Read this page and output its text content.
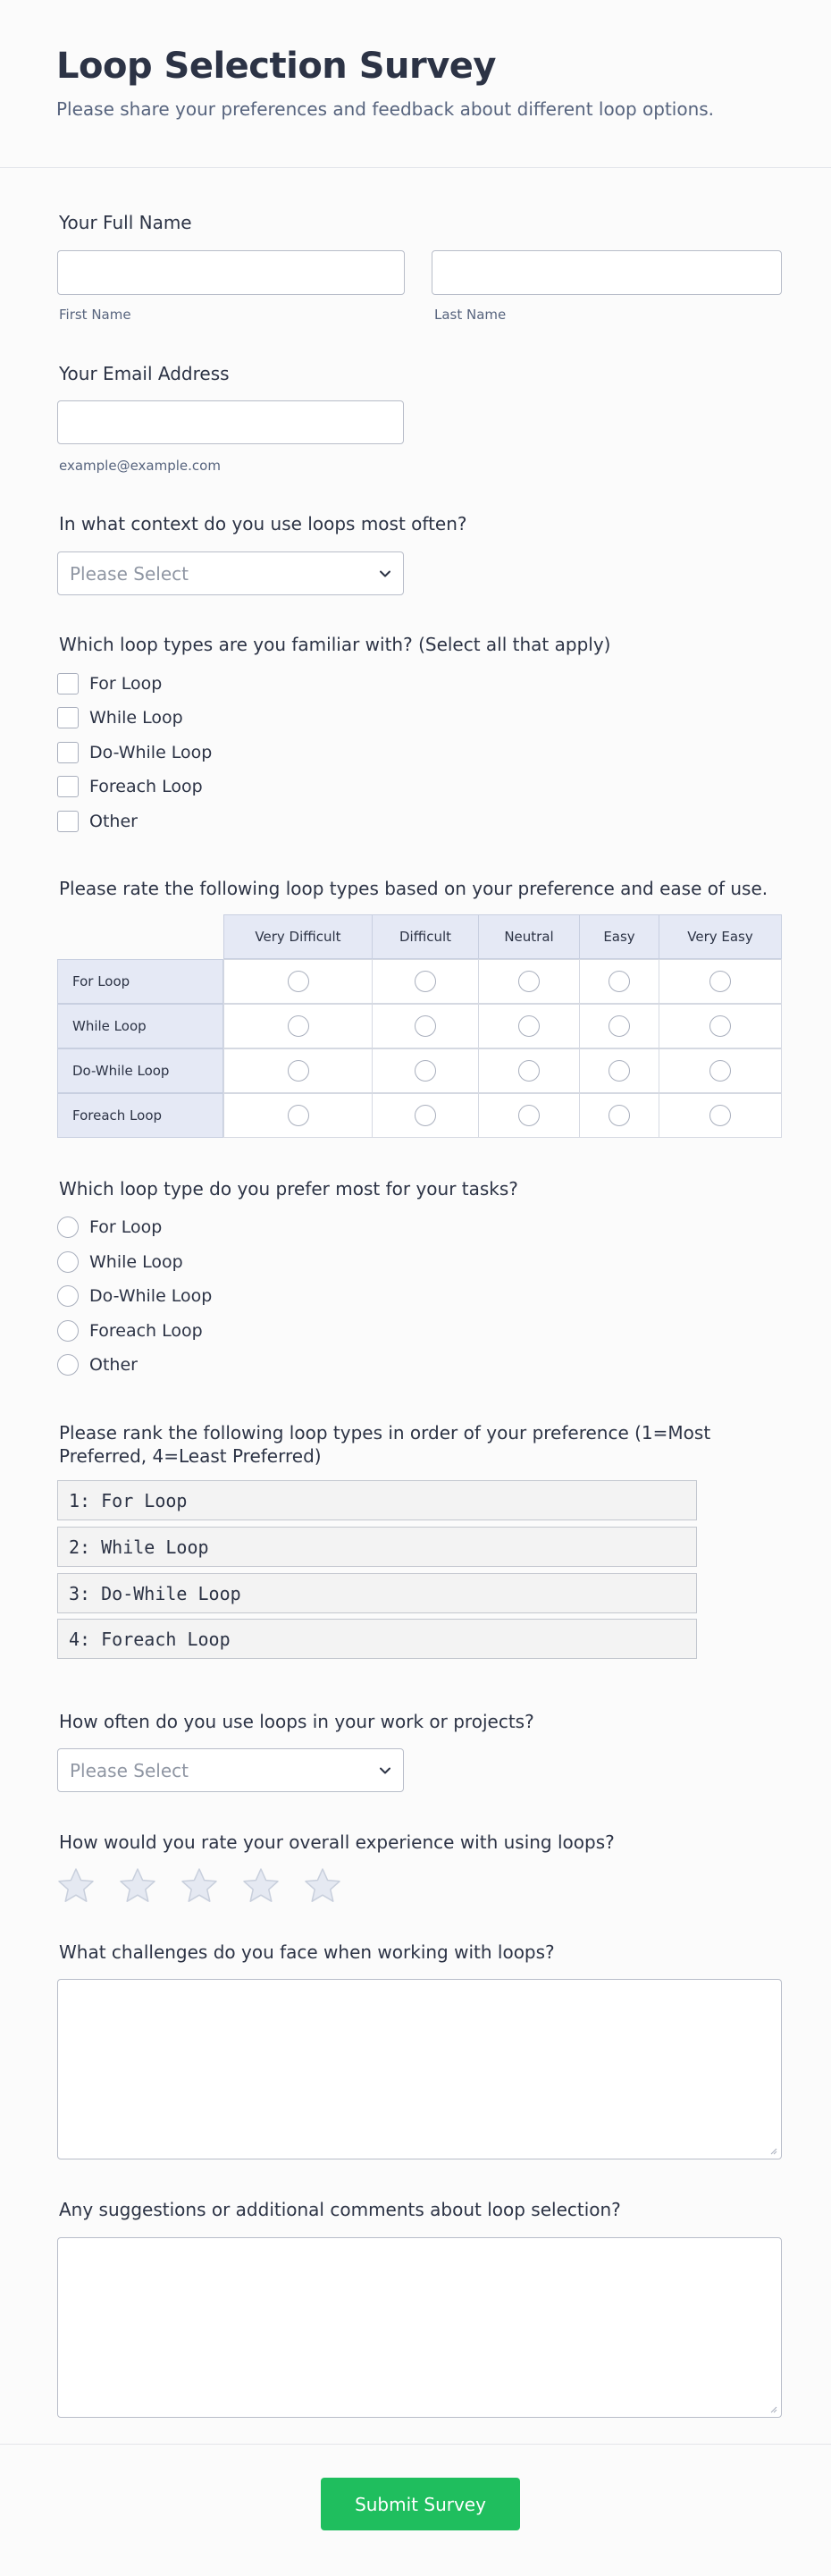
Loop Selection Survey
Please share your preferences and feedback about different loop options.
Your Full Name
First Name	Last Name
Your Email Address
example@example.com
In what context do you use loops most often?
Please Select
Which loop types are you familiar with? (Select all that apply)
For Loop
While Loop
Do-While Loop
Foreach Loop
Other
Please rate the following loop types based on your preference and ease of use.
Very Difficult	Difficult	Neutral	Easy	Very Easy
For Loop
While Loop
Do-While Loop
Foreach Loop
Which loop type do you prefer most for your tasks?
For Loop
While Loop
Do-While Loop
Foreach Loop
Other
Please rank the following loop types in order of your preference (1=Most Preferred, 4=Least Preferred)
1: For Loop
2: While Loop
3: Do-While Loop
4: Foreach Loop
How often do you use loops in your work or projects?
Please Select
How would you rate your overall experience with using loops?
What challenges do you face when working with loops?
Any suggestions or additional comments about loop selection?
Submit Survey
